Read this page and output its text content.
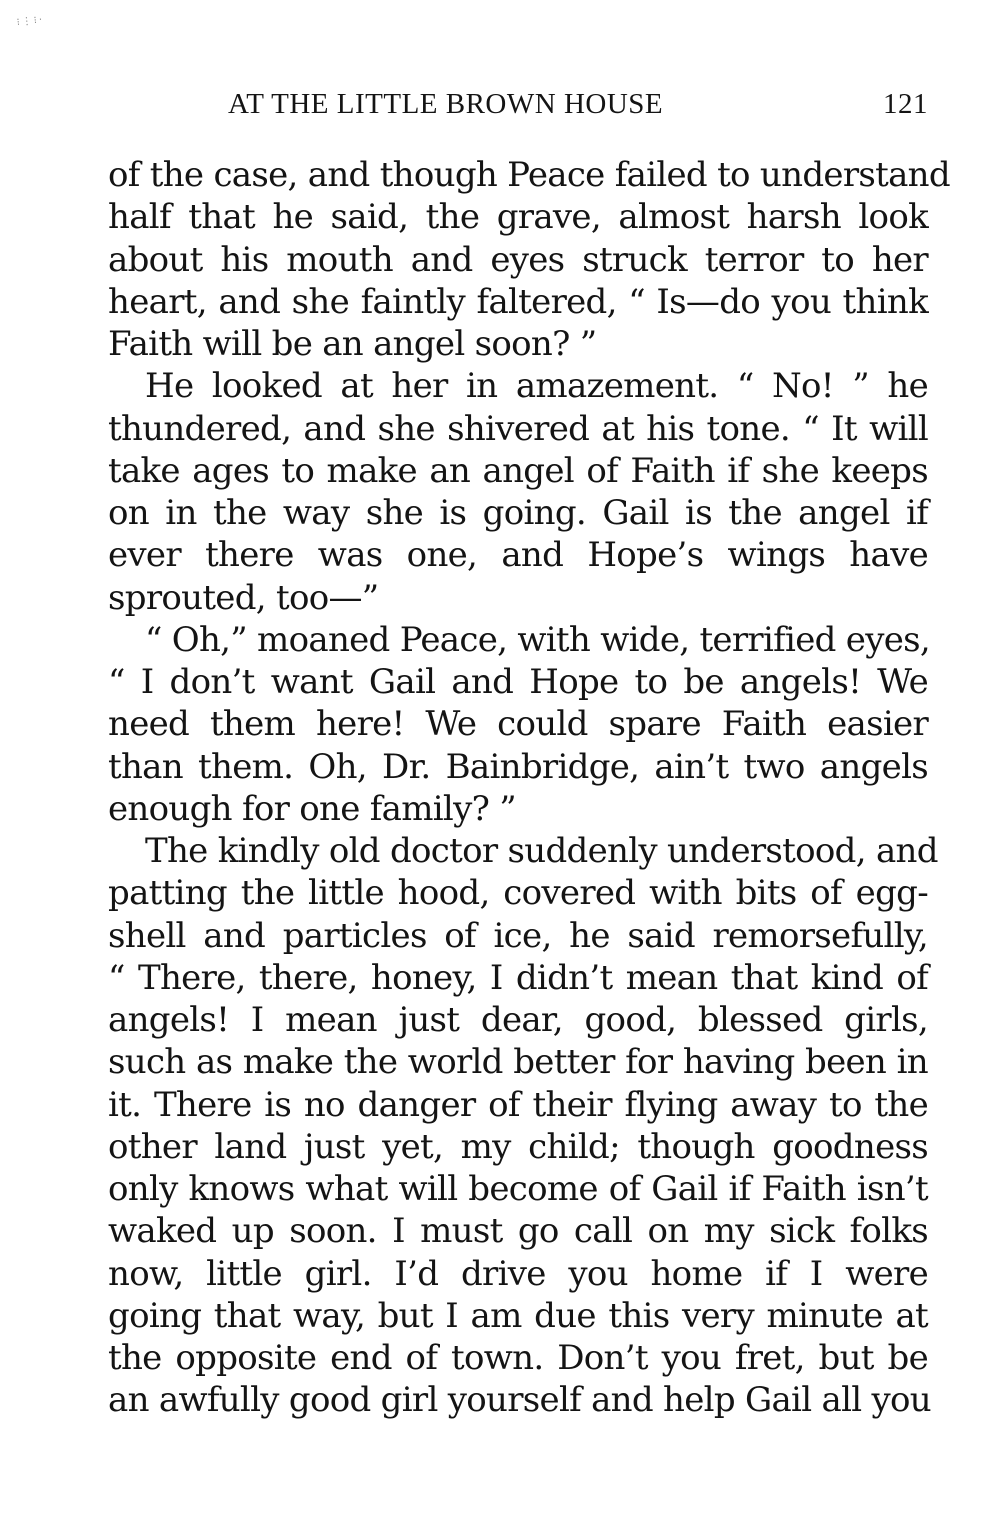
⁝⋮⁝‧
AT THE LITTLE BROWN HOUSE	121
of the case, and though Peace failed to understand
half that he said, the grave, almost harsh look
about his mouth and eyes struck terror to her
heart, and she faintly faltered, “ Is—do you think
Faith will be an angel soon? ”
He looked at her in amazement. “ No! ” he
thundered, and she shivered at his tone. “ It will
take ages to make an angel of Faith if she keeps
on in the way she is going. Gail is the angel if
ever there was one, and Hope’s wings have
sprouted, too—”
“ Oh,” moaned Peace, with wide, terrified eyes,
“ I don’t want Gail and Hope to be angels! We
need them here! We could spare Faith easier
than them. Oh, Dr. Bainbridge, ain’t two angels
enough for one family? ”
The kindly old doctor suddenly understood, and
patting the little hood, covered with bits of egg-
shell and particles of ice, he said remorsefully,
“ There, there, honey, I didn’t mean that kind of
angels! I mean just dear, good, blessed girls,
such as make the world better for having been in
it. There is no danger of their flying away to the
other land just yet, my child; though goodness
only knows what will become of Gail if Faith isn’t
waked up soon. I must go call on my sick folks
now, little girl. I’d drive you home if I were
going that way, but I am due this very minute at
the opposite end of town. Don’t you fret, but be
an awfully good girl yourself and help Gail all you
